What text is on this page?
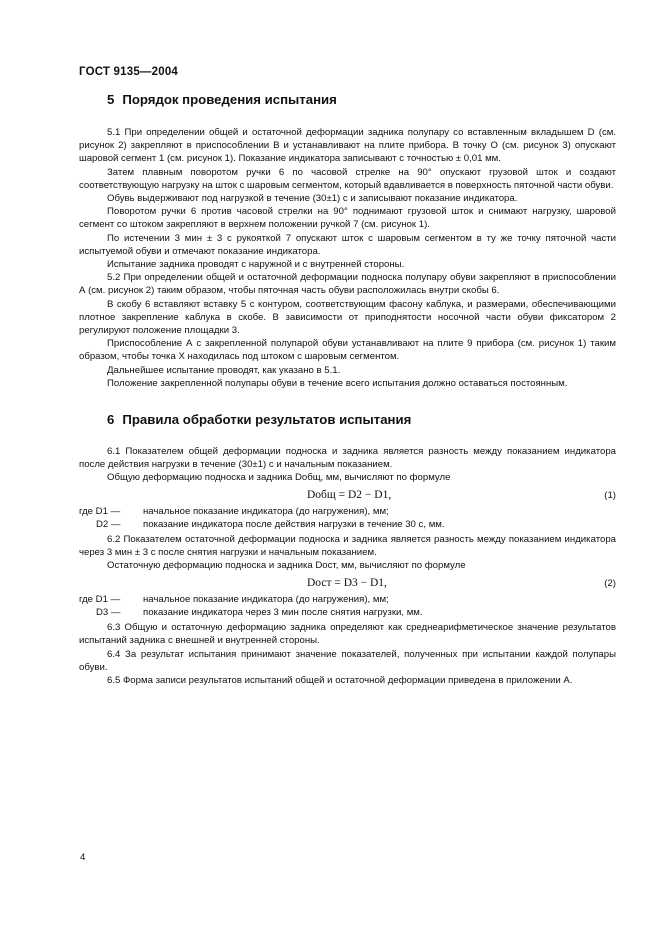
ГОСТ 9135—2004
5 Порядок проведения испытания

5.1 При определении общей и остаточной деформации задника полупару со вставленным вкладышем D (см. рисунок 2) закрепляют в приспособлении В и устанавливают на плите прибора. В точку О (см. рисунок 3) опускают шаровой сегмент 1 (см. рисунок 1). Показание индикатора записывают с точностью ± 0,01 мм.

Затем плавным поворотом ручки 6 по часовой стрелке на 90° опускают грузовой шток и создают соответствующую нагрузку на шток с шаровым сегментом, который вдавливается в поверхность пяточной части обуви.

Обувь выдерживают под нагрузкой в течение (30±1) с и записывают показание индикатора.

Поворотом ручки 6 против часовой стрелки на 90° поднимают грузовой шток и снимают нагрузку, шаровой сегмент со штоком закрепляют в верхнем положении ручкой 7 (см. рисунок 1).

По истечении 3 мин ± 3 с рукояткой 7 опускают шток с шаровым сегментом в ту же точку пяточной части испытуемой обуви и отмечают показание индикатора.

Испытание задника проводят с наружной и с внутренней стороны.

5.2 При определении общей и остаточной деформации подноска полупару обуви закрепляют в приспособлении А (см. рисунок 2) таким образом, чтобы пяточная часть обуви расположилась внутри скобы 6.

В скобу 6 вставляют вставку 5 с контуром, соответствующим фасону каблука, и размерами, обеспечивающими плотное закрепление каблука в скобе. В зависимости от приподнятости носочной части обуви фиксатором 2 регулируют положение площадки 3.

Приспособление А с закрепленной полупарой обуви устанавливают на плите 9 прибора (см. рисунок 1) таким образом, чтобы точка X находилась под штоком с шаровым сегментом.

Дальнейшее испытание проводят, как указано в 5.1.

Положение закрепленной полупары обуви в течение всего испытания должно оставаться постоянным.

6 Правила обработки результатов испытания

6.1 Показателем общей деформации подноска и задника является разность между показанием индикатора после действия нагрузки в течение (30±1) с и начальным показанием.

Общую деформацию подноска и задника Dобщ, мм, вычисляют по формуле

Dобщ = D2 − D1,	(1)
где D1 —	начальное показание индикатора (до нагружения), мм;
D2 —	показание индикатора после действия нагрузки в течение 30 с, мм.

6.2 Показателем остаточной деформации подноска и задника является разность между показанием индикатора через 3 мин ± 3 с после снятия нагрузки и начальным показанием.

Остаточную деформацию подноска и задника Dост, мм, вычисляют по формуле

Dост = D3 − D1,	(2)
где D1 —	начальное показание индикатора (до нагружения), мм;
D3 —	показание индикатора через 3 мин после снятия нагрузки, мм.

6.3 Общую и остаточную деформацию задника определяют как среднеарифметическое значение результатов испытаний задника с внешней и внутренней стороны.

6.4 За результат испытания принимают значение показателей, полученных при испытании каждой полупары обуви.

6.5 Форма записи результатов испытаний общей и остаточной деформации приведена в приложении А.

4
